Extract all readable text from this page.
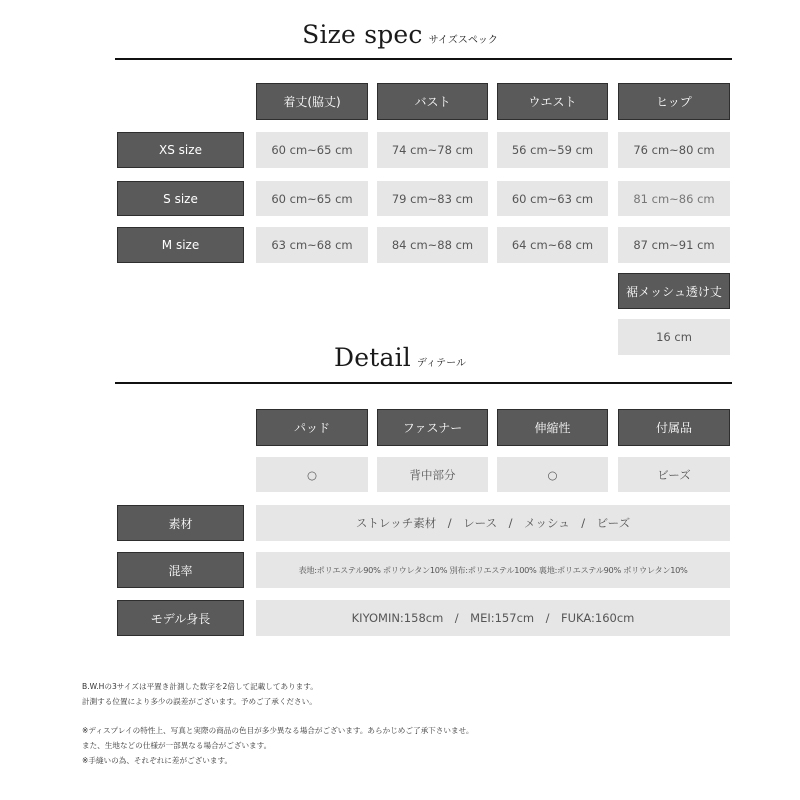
Size spec サイズスペック
着丈(脇丈)	バスト	ウエスト	ヒップ
XS size	60 cm~65 cm	74 cm~78 cm	56 cm~59 cm	76 cm~80 cm
S size	60 cm~65 cm	79 cm~83 cm	60 cm~63 cm	81 cm~86 cm
M size	63 cm~68 cm	84 cm~88 cm	64 cm~68 cm	87 cm~91 cm
裾メッシュ透け丈
16 cm
Detail ディテール
パッド	ファスナー	伸縮性	付属品
○	背中部分	○	ビーズ
素材	ストレッチ素材　/　レース　/　メッシュ　/　ビーズ
混率	表地:ポリエステル90% ポリウレタン10% 別布:ポリエステル100% 裏地:ポリエステル90% ポリウレタン10%
モデル身長	KIYOMIN:158cm　/　MEI:157cm　/　FUKA:160cm
B.W.Hの3サイズは平置き計測した数字を2倍して記載してあります。
計測する位置により多少の誤差がございます。予めご了承ください。
※ディスプレイの特性上、写真と実際の商品の色目が多少異なる場合がございます。あらかじめご了承下さいませ。
また、生地などの仕様が一部異なる場合がございます。
※手縫いの為、それぞれに差がございます。
